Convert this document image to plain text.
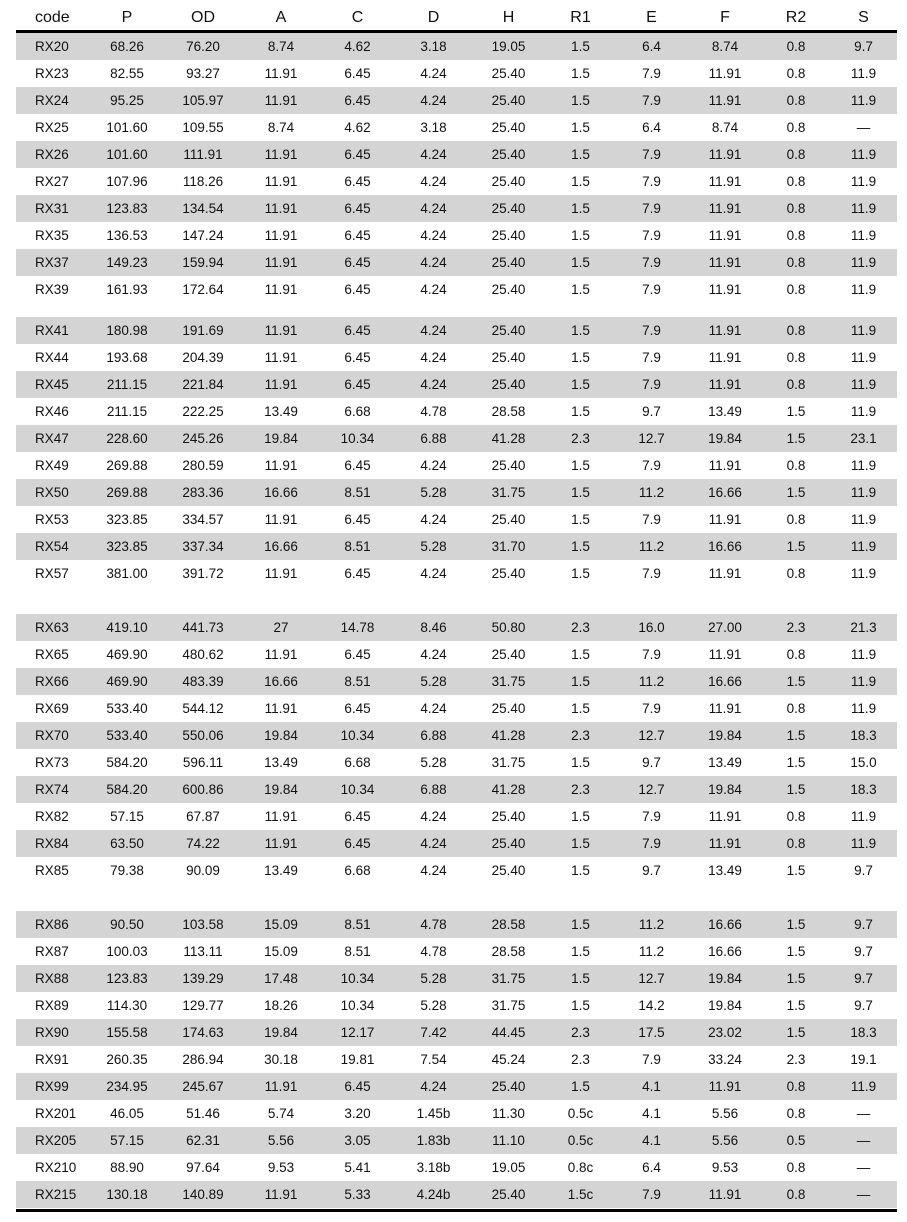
code	P	OD	A	C	D	H	R1	E	F	R2	S
RX20	68.26	76.20	8.74	4.62	3.18	19.05	1.5	6.4	8.74	0.8	9.7
RX23	82.55	93.27	11.91	6.45	4.24	25.40	1.5	7.9	11.91	0.8	11.9
RX24	95.25	105.97	11.91	6.45	4.24	25.40	1.5	7.9	11.91	0.8	11.9
RX25	101.60	109.55	8.74	4.62	3.18	25.40	1.5	6.4	8.74	0.8	—
RX26	101.60	111.91	11.91	6.45	4.24	25.40	1.5	7.9	11.91	0.8	11.9
RX27	107.96	118.26	11.91	6.45	4.24	25.40	1.5	7.9	11.91	0.8	11.9
RX31	123.83	134.54	11.91	6.45	4.24	25.40	1.5	7.9	11.91	0.8	11.9
RX35	136.53	147.24	11.91	6.45	4.24	25.40	1.5	7.9	11.91	0.8	11.9
RX37	149.23	159.94	11.91	6.45	4.24	25.40	1.5	7.9	11.91	0.8	11.9
RX39	161.93	172.64	11.91	6.45	4.24	25.40	1.5	7.9	11.91	0.8	11.9
RX41	180.98	191.69	11.91	6.45	4.24	25.40	1.5	7.9	11.91	0.8	11.9
RX44	193.68	204.39	11.91	6.45	4.24	25.40	1.5	7.9	11.91	0.8	11.9
RX45	211.15	221.84	11.91	6.45	4.24	25.40	1.5	7.9	11.91	0.8	11.9
RX46	211.15	222.25	13.49	6.68	4.78	28.58	1.5	9.7	13.49	1.5	11.9
RX47	228.60	245.26	19.84	10.34	6.88	41.28	2.3	12.7	19.84	1.5	23.1
RX49	269.88	280.59	11.91	6.45	4.24	25.40	1.5	7.9	11.91	0.8	11.9
RX50	269.88	283.36	16.66	8.51	5.28	31.75	1.5	11.2	16.66	1.5	11.9
RX53	323.85	334.57	11.91	6.45	4.24	25.40	1.5	7.9	11.91	0.8	11.9
RX54	323.85	337.34	16.66	8.51	5.28	31.70	1.5	11.2	16.66	1.5	11.9
RX57	381.00	391.72	11.91	6.45	4.24	25.40	1.5	7.9	11.91	0.8	11.9
RX63	419.10	441.73	27	14.78	8.46	50.80	2.3	16.0	27.00	2.3	21.3
RX65	469.90	480.62	11.91	6.45	4.24	25.40	1.5	7.9	11.91	0.8	11.9
RX66	469.90	483.39	16.66	8.51	5.28	31.75	1.5	11.2	16.66	1.5	11.9
RX69	533.40	544.12	11.91	6.45	4.24	25.40	1.5	7.9	11.91	0.8	11.9
RX70	533.40	550.06	19.84	10.34	6.88	41.28	2.3	12.7	19.84	1.5	18.3
RX73	584.20	596.11	13.49	6.68	5.28	31.75	1.5	9.7	13.49	1.5	15.0
RX74	584.20	600.86	19.84	10.34	6.88	41.28	2.3	12.7	19.84	1.5	18.3
RX82	57.15	67.87	11.91	6.45	4.24	25.40	1.5	7.9	11.91	0.8	11.9
RX84	63.50	74.22	11.91	6.45	4.24	25.40	1.5	7.9	11.91	0.8	11.9
RX85	79.38	90.09	13.49	6.68	4.24	25.40	1.5	9.7	13.49	1.5	9.7
RX86	90.50	103.58	15.09	8.51	4.78	28.58	1.5	11.2	16.66	1.5	9.7
RX87	100.03	113.11	15.09	8.51	4.78	28.58	1.5	11.2	16.66	1.5	9.7
RX88	123.83	139.29	17.48	10.34	5.28	31.75	1.5	12.7	19.84	1.5	9.7
RX89	114.30	129.77	18.26	10.34	5.28	31.75	1.5	14.2	19.84	1.5	9.7
RX90	155.58	174.63	19.84	12.17	7.42	44.45	2.3	17.5	23.02	1.5	18.3
RX91	260.35	286.94	30.18	19.81	7.54	45.24	2.3	7.9	33.24	2.3	19.1
RX99	234.95	245.67	11.91	6.45	4.24	25.40	1.5	4.1	11.91	0.8	11.9
RX201	46.05	51.46	5.74	3.20	1.45b	11.30	0.5c	4.1	5.56	0.8	—
RX205	57.15	62.31	5.56	3.05	1.83b	11.10	0.5c	4.1	5.56	0.5	—
RX210	88.90	97.64	9.53	5.41	3.18b	19.05	0.8c	6.4	9.53	0.8	—
RX215	130.18	140.89	11.91	5.33	4.24b	25.40	1.5c	7.9	11.91	0.8	—
